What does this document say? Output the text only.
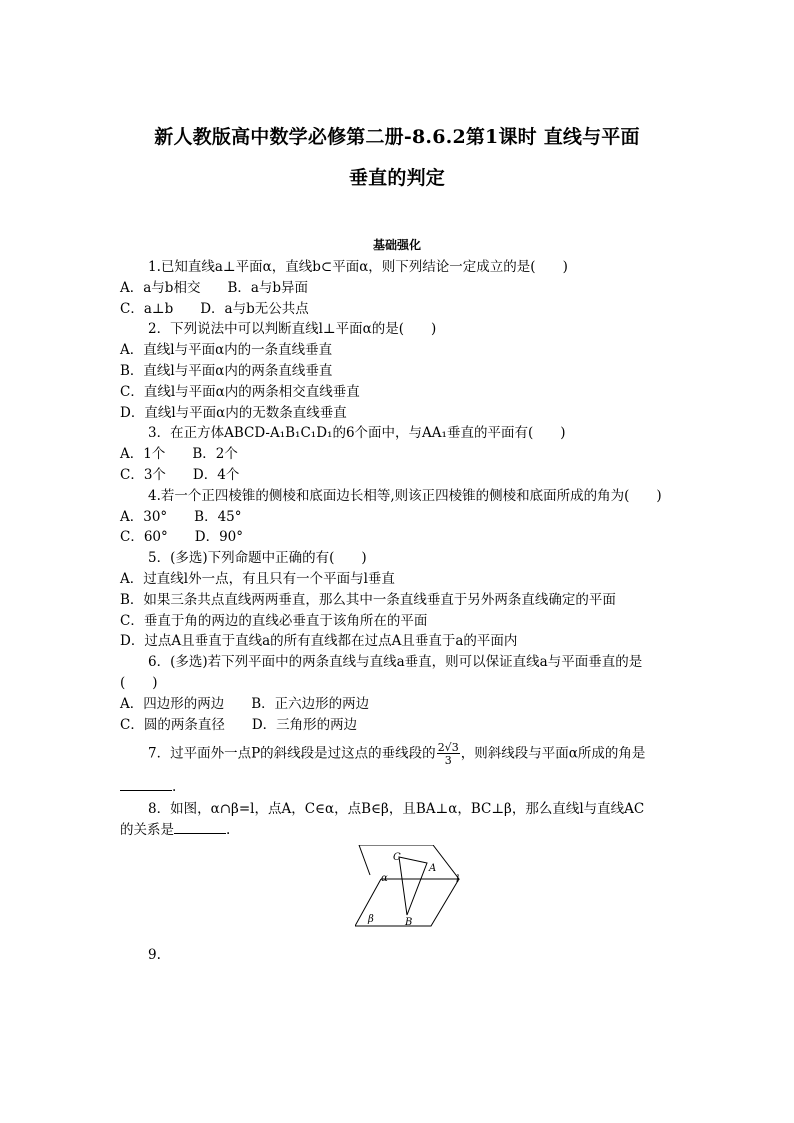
新人教版高中数学必修第二册-8.6.2第1课时 直线与平面
垂直的判定
基础强化
1.已知直线a⊥平面α，直线b⊂平面α，则下列结论一定成立的是(　　)
A．a与b相交　　B．a与b异面
C．a⊥b　　D．a与b无公共点
2．下列说法中可以判断直线l⊥平面α的是(　　)
A．直线l与平面α内的一条直线垂直
B．直线l与平面α内的两条直线垂直
C．直线l与平面α内的两条相交直线垂直
D．直线l与平面α内的无数条直线垂直
3．在正方体ABCD-A₁B₁C₁D₁的6个面中，与AA₁垂直的平面有(　　)
A．1个　　B．2个
C．3个　　D．4个
4.若一个正四棱锥的侧棱和底面边长相等,则该正四棱锥的侧棱和底面所成的角为(　　)
A．30°　　B．45°
C．60°　　D．90°
5．(多选)下列命题中正确的有(　　)
A．过直线l外一点，有且只有一个平面与l垂直
B．如果三条共点直线两两垂直，那么其中一条直线垂直于另外两条直线确定的平面
C．垂直于角的两边的直线必垂直于该角所在的平面
D．过点A且垂直于直线a的所有直线都在过点A且垂直于a的平面内
6．(多选)若下列平面中的两条直线与直线a垂直，则可以保证直线a与平面垂直的是
(　　)
A．四边形的两边　　B．正六边形的两边
C．圆的两条直径　　D．三角形的两边
7．过平面外一点P的斜线段是过这点的垂线段的 $\frac{2√3}{3}$ ，则斜线段与平面α所成的角是
.
8．如图，α∩β=l，点A，C∈α，点B∈β，且BA⊥α，BC⊥β，那么直线l与直线AC
的关系是	.
α
β
C
A
B
l
9.
